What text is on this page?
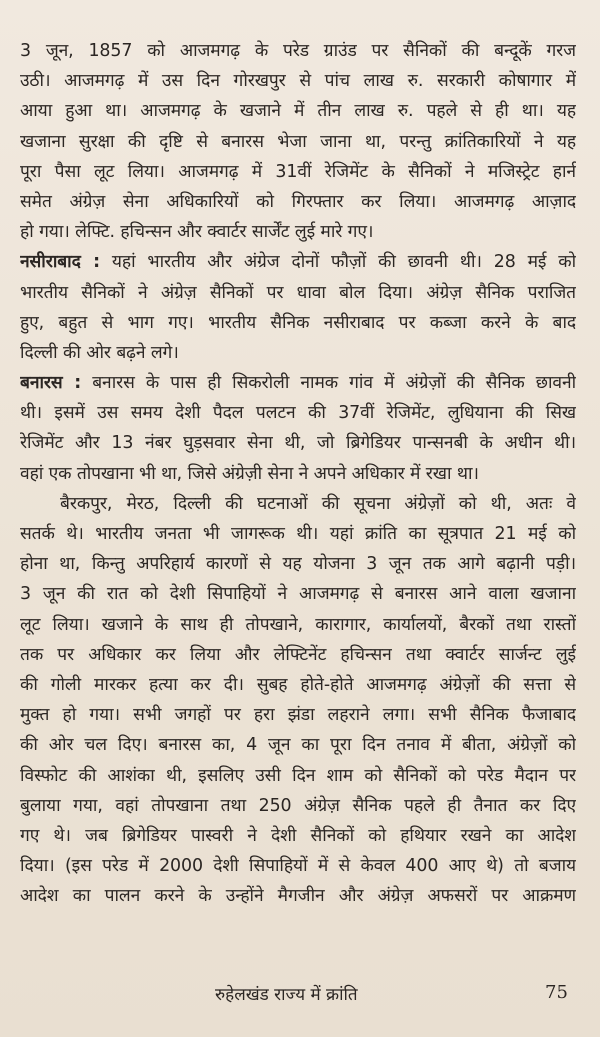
3 जून, 1857 को आजमगढ़ के परेड ग्राउंड पर सैनिकों की बन्दूकें गरज
उठी। आजमगढ़ में उस दिन गोरखपुर से पांच लाख रु. सरकारी कोषागार में
आया हुआ था। आजमगढ़ के खजाने में तीन लाख रु. पहले से ही था। यह
खजाना सुरक्षा की दृष्टि से बनारस भेजा जाना था, परन्तु क्रांतिकारियों ने यह
पूरा पैसा लूट लिया। आजमगढ़ में 31वीं रेजिमेंट के सैनिकों ने मजिस्ट्रेट हार्न
समेत अंग्रेज़ सेना अधिकारियों को गिरफ्तार कर लिया। आजमगढ़ आज़ाद
हो गया। लेफ्टि. हचिन्सन और क्वार्टर सार्जेंट लुई मारे गए।
नसीराबाद : यहां भारतीय और अंग्रेज दोनों फौज़ों की छावनी थी। 28 मई को
भारतीय सैनिकों ने अंग्रेज़ सैनिकों पर धावा बोल दिया। अंग्रेज़ सैनिक पराजित
हुए, बहुत से भाग गए। भारतीय सैनिक नसीराबाद पर कब्जा करने के बाद
दिल्ली की ओर बढ़ने लगे।
बनारस : बनारस के पास ही सिकरोली नामक गांव में अंग्रेज़ों की सैनिक छावनी
थी। इसमें उस समय देशी पैदल पलटन की 37वीं रेजिमेंट, लुधियाना की सिख
रेजिमेंट और 13 नंबर घुड़सवार सेना थी, जो ब्रिगेडियर पान्सनबी के अधीन थी।
वहां एक तोपखाना भी था, जिसे अंग्रेज़ी सेना ने अपने अधिकार में रखा था।
बैरकपुर, मेरठ, दिल्ली की घटनाओं की सूचना अंग्रेज़ों को थी, अतः वे
सतर्क थे। भारतीय जनता भी जागरूक थी। यहां क्रांति का सूत्रपात 21 मई को
होना था, किन्तु अपरिहार्य कारणों से यह योजना 3 जून तक आगे बढ़ानी पड़ी।
3 जून की रात को देशी सिपाहियों ने आजमगढ़ से बनारस आने वाला खजाना
लूट लिया। खजाने के साथ ही तोपखाने, कारागार, कार्यालयों, बैरकों तथा रास्तों
तक पर अधिकार कर लिया और लेफ्टिनेंट हचिन्सन तथा क्वार्टर सार्जन्ट लुई
की गोली मारकर हत्या कर दी। सुबह होते-होते आजमगढ़ अंग्रेज़ों की सत्ता से
मुक्त हो गया। सभी जगहों पर हरा झंडा लहराने लगा। सभी सैनिक फैजाबाद
की ओर चल दिए। बनारस का, 4 जून का पूरा दिन तनाव में बीता, अंग्रेज़ों को
विस्फोट की आशंका थी, इसलिए उसी दिन शाम को सैनिकों को परेड मैदान पर
बुलाया गया, वहां तोपखाना तथा 250 अंग्रेज़ सैनिक पहले ही तैनात कर दिए
गए थे। जब ब्रिगेडियर पास्वरी ने देशी सैनिकों को हथियार रखने का आदेश
दिया। (इस परेड में 2000 देशी सिपाहियों में से केवल 400 आए थे) तो बजाय
आदेश का पालन करने के उन्होंने मैगजीन और अंग्रेज़ अफसरों पर आक्रमण
रुहेलखंड राज्य में क्रांति	75
